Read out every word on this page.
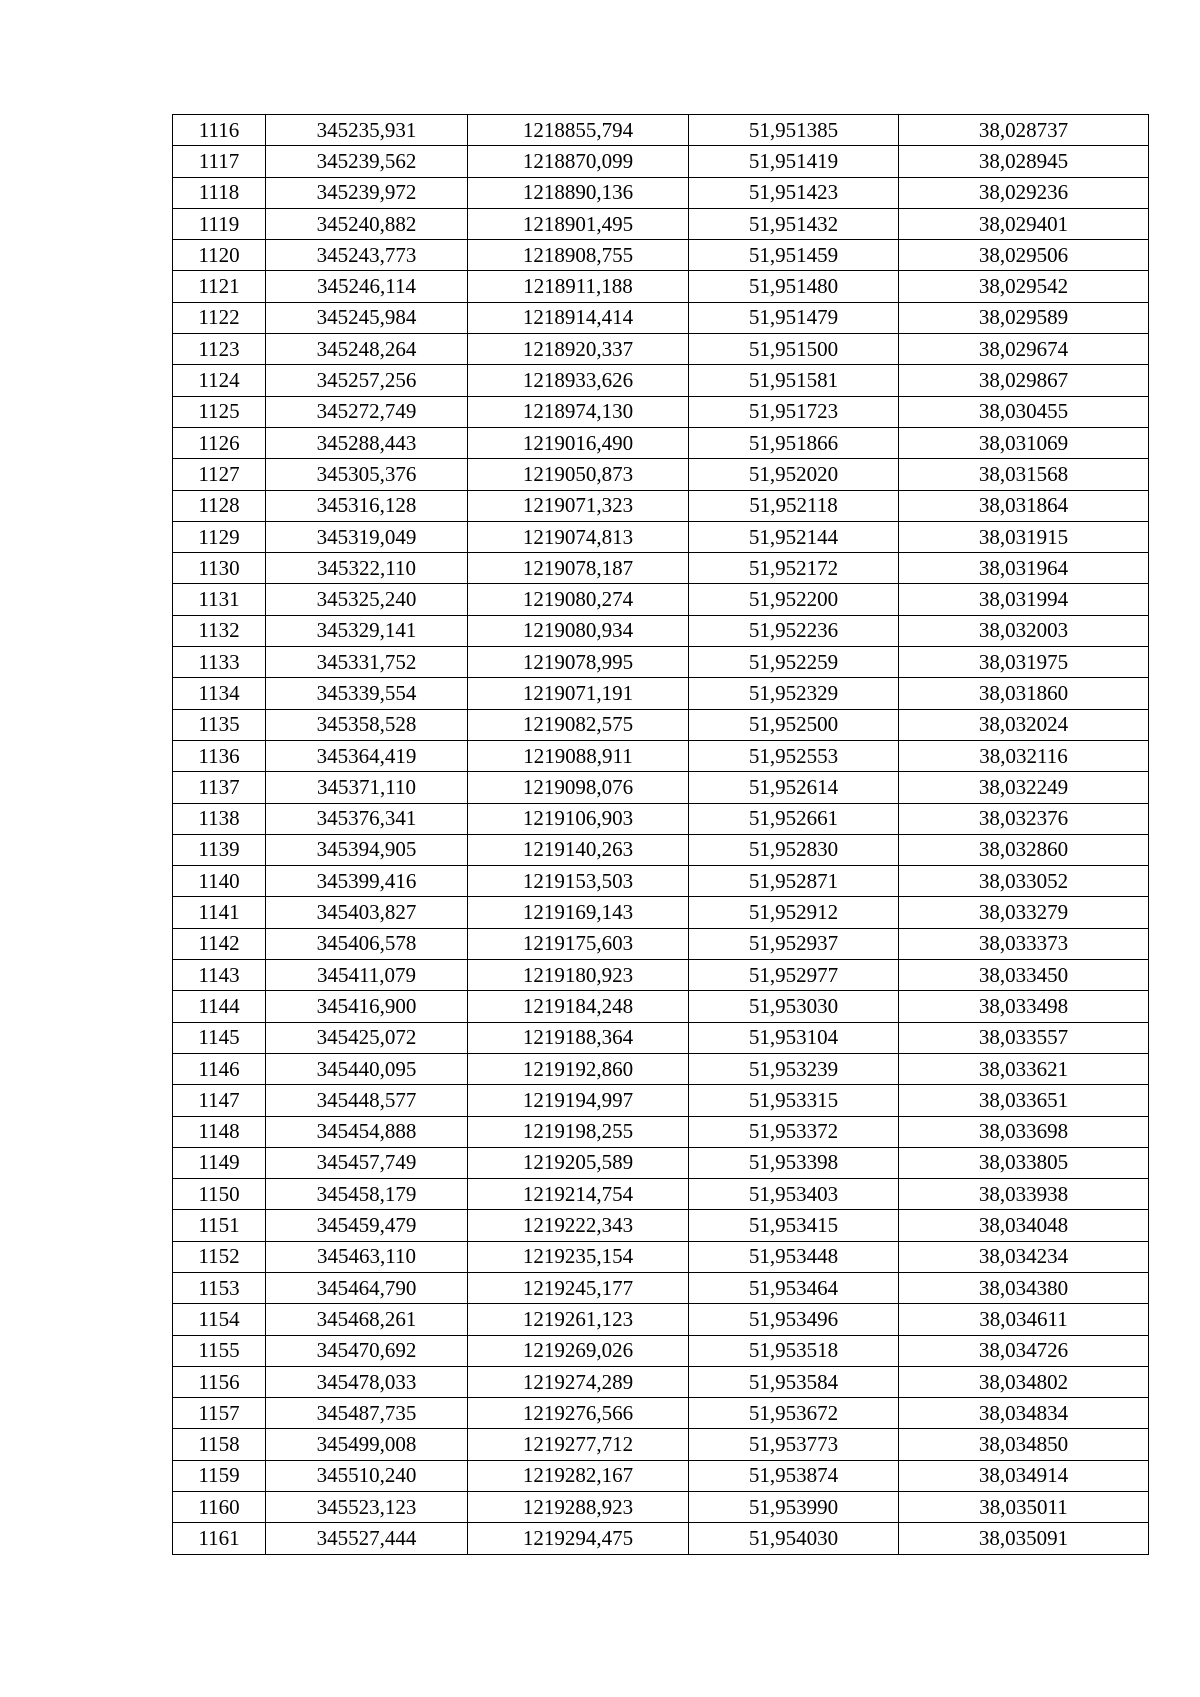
1116	345235,931	1218855,794	51,951385	38,028737
1117	345239,562	1218870,099	51,951419	38,028945
1118	345239,972	1218890,136	51,951423	38,029236
1119	345240,882	1218901,495	51,951432	38,029401
1120	345243,773	1218908,755	51,951459	38,029506
1121	345246,114	1218911,188	51,951480	38,029542
1122	345245,984	1218914,414	51,951479	38,029589
1123	345248,264	1218920,337	51,951500	38,029674
1124	345257,256	1218933,626	51,951581	38,029867
1125	345272,749	1218974,130	51,951723	38,030455
1126	345288,443	1219016,490	51,951866	38,031069
1127	345305,376	1219050,873	51,952020	38,031568
1128	345316,128	1219071,323	51,952118	38,031864
1129	345319,049	1219074,813	51,952144	38,031915
1130	345322,110	1219078,187	51,952172	38,031964
1131	345325,240	1219080,274	51,952200	38,031994
1132	345329,141	1219080,934	51,952236	38,032003
1133	345331,752	1219078,995	51,952259	38,031975
1134	345339,554	1219071,191	51,952329	38,031860
1135	345358,528	1219082,575	51,952500	38,032024
1136	345364,419	1219088,911	51,952553	38,032116
1137	345371,110	1219098,076	51,952614	38,032249
1138	345376,341	1219106,903	51,952661	38,032376
1139	345394,905	1219140,263	51,952830	38,032860
1140	345399,416	1219153,503	51,952871	38,033052
1141	345403,827	1219169,143	51,952912	38,033279
1142	345406,578	1219175,603	51,952937	38,033373
1143	345411,079	1219180,923	51,952977	38,033450
1144	345416,900	1219184,248	51,953030	38,033498
1145	345425,072	1219188,364	51,953104	38,033557
1146	345440,095	1219192,860	51,953239	38,033621
1147	345448,577	1219194,997	51,953315	38,033651
1148	345454,888	1219198,255	51,953372	38,033698
1149	345457,749	1219205,589	51,953398	38,033805
1150	345458,179	1219214,754	51,953403	38,033938
1151	345459,479	1219222,343	51,953415	38,034048
1152	345463,110	1219235,154	51,953448	38,034234
1153	345464,790	1219245,177	51,953464	38,034380
1154	345468,261	1219261,123	51,953496	38,034611
1155	345470,692	1219269,026	51,953518	38,034726
1156	345478,033	1219274,289	51,953584	38,034802
1157	345487,735	1219276,566	51,953672	38,034834
1158	345499,008	1219277,712	51,953773	38,034850
1159	345510,240	1219282,167	51,953874	38,034914
1160	345523,123	1219288,923	51,953990	38,035011
1161	345527,444	1219294,475	51,954030	38,035091
